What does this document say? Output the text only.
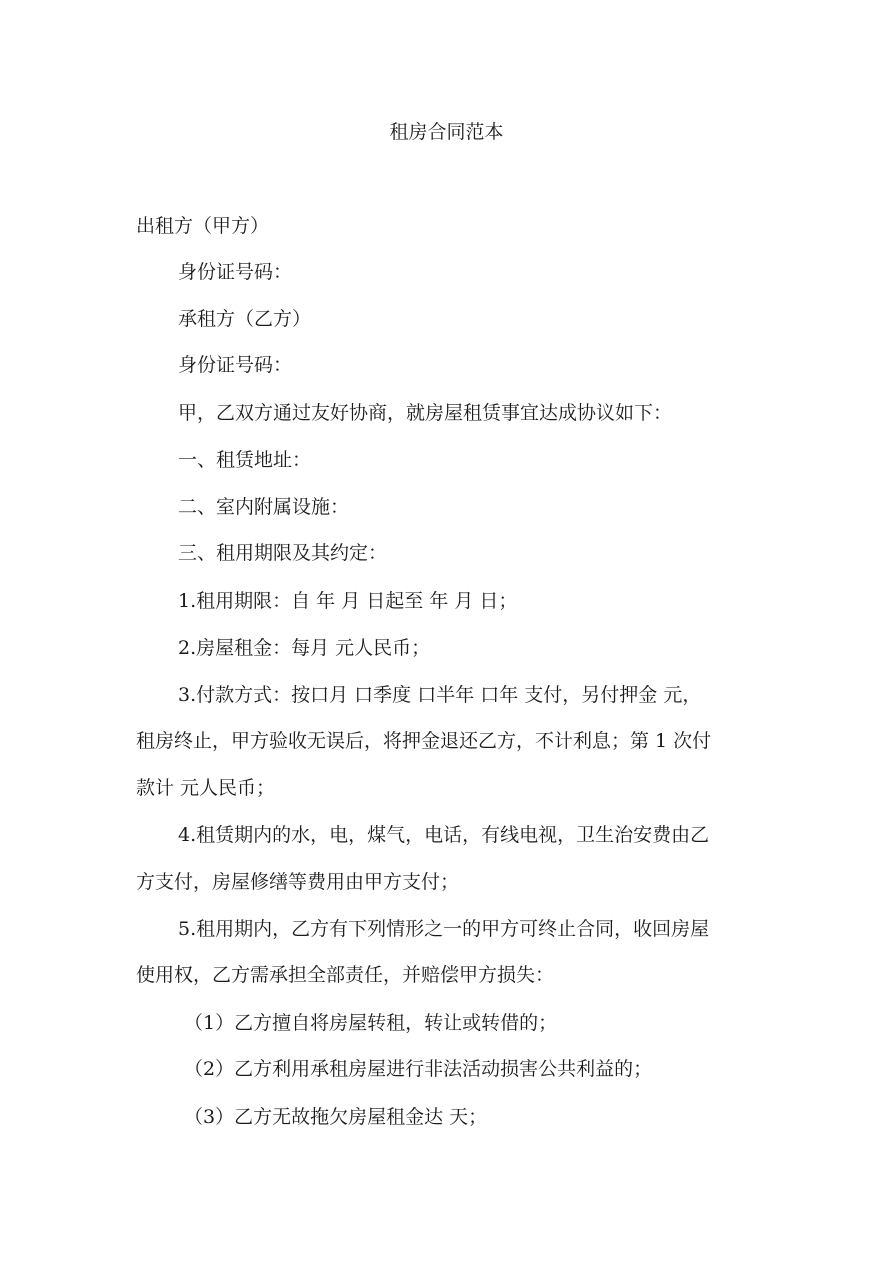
租房合同范本
出租方（甲方）
身份证号码：
承租方（乙方）
身份证号码：
甲，乙双方通过友好协商，就房屋租赁事宜达成协议如下：
一、租赁地址：
二、室内附属设施：
三、租用期限及其约定：
1.租用期限：自 年 月 日起至 年 月 日；
2.房屋租金：每月 元人民币；
3.付款方式：按口月 口季度 口半年 口年 支付，另付押金 元，
租房终止，甲方验收无误后，将押金退还乙方，不计利息；第 1 次付
款计 元人民币；
4.租赁期内的水，电，煤气，电话，有线电视，卫生治安费由乙
方支付，房屋修缮等费用由甲方支付；
5.租用期内，乙方有下列情形之一的甲方可终止合同，收回房屋
使用权，乙方需承担全部责任，并赔偿甲方损失：
（1）乙方擅自将房屋转租，转让或转借的；
（2）乙方利用承租房屋进行非法活动损害公共利益的；
（3）乙方无故拖欠房屋租金达 天；
